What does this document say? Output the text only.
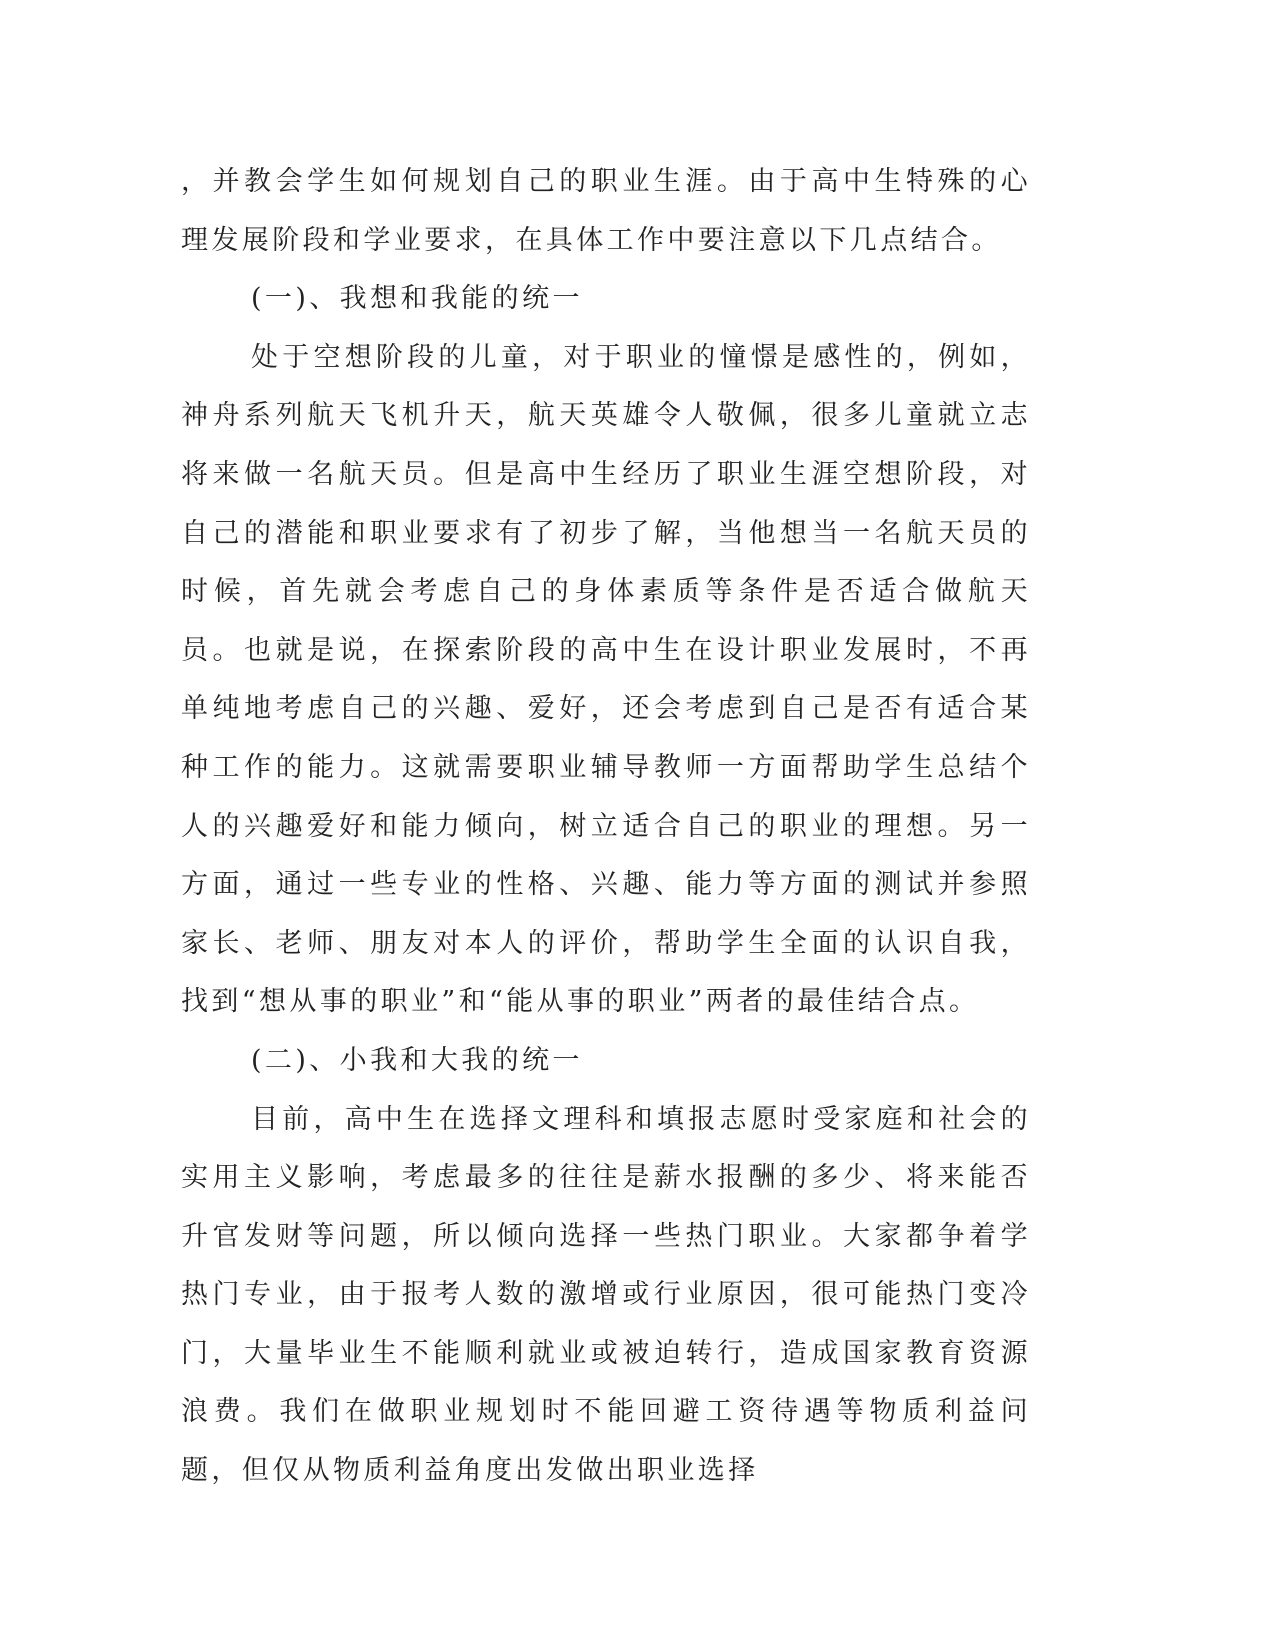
，并教会学生如何规划自己的职业生涯。由于高中生特殊的心理发展阶段和学业要求，在具体工作中要注意以下几点结合。

(一)、我想和我能的统一

处于空想阶段的儿童，对于职业的憧憬是感性的，例如，神舟系列航天飞机升天，航天英雄令人敬佩，很多儿童就立志将来做一名航天员。但是高中生经历了职业生涯空想阶段，对自己的潜能和职业要求有了初步了解，当他想当一名航天员的时候，首先就会考虑自己的身体素质等条件是否适合做航天员。也就是说，在探索阶段的高中生在设计职业发展时，不再单纯地考虑自己的兴趣、爱好，还会考虑到自己是否有适合某种工作的能力。这就需要职业辅导教师一方面帮助学生总结个人的兴趣爱好和能力倾向，树立适合自己的职业的理想。另一方面，通过一些专业的性格、兴趣、能力等方面的测试并参照家长、老师、朋友对本人的评价，帮助学生全面的认识自我，找到“想从事的职业”和“能从事的职业”两者的最佳结合点。

(二)、小我和大我的统一

目前，高中生在选择文理科和填报志愿时受家庭和社会的实用主义影响，考虑最多的往往是薪水报酬的多少、将来能否升官发财等问题，所以倾向选择一些热门职业。大家都争着学热门专业，由于报考人数的激增或行业原因，很可能热门变冷门，大量毕业生不能顺利就业或被迫转行，造成国家教育资源浪费。我们在做职业规划时不能回避工资待遇等物质利益问题，但仅从物质利益角度出发做出职业选择
